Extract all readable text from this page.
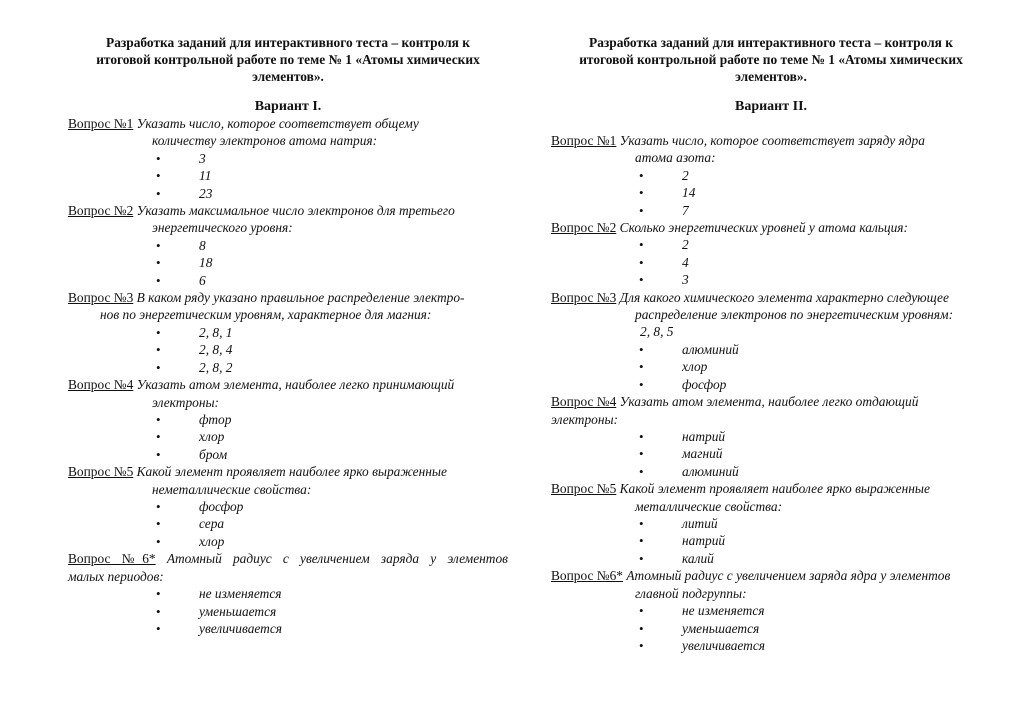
Разработка заданий для интерактивного теста – контроля к итоговой контрольной работе по теме № 1 «Атомы химических элементов».

Вариант I.
Вопрос №1 Указать число, которое соответствует общему
количеству электронов атома натрия:
•	3
•	11
•	23
Вопрос №2 Указать максимальное число электронов для третьего
энергетического уровня:
•	8
•	18
•	6
Вопрос №3 В каком ряду указано правильное распределение электро-
нов по энергетическим уровням, характерное для магния:
•	2, 8, 1
•	2, 8, 4
•	2, 8, 2
Вопрос №4 Указать атом элемента, наиболее легко принимающий
электроны:
•	фтор
•	хлор
•	бром
Вопрос №5 Какой элемент проявляет наиболее ярко выраженные
неметаллические свойства:
•	фосфор
•	сера
•	хлор
Вопрос №6* Атомный радиус с увеличением заряда у элементов
малых периодов:
•	не изменяется
•	уменьшается
•	увеличивается

Разработка заданий для интерактивного теста – контроля к итоговой контрольной работе по теме № 1 «Атомы химических элементов».

Вариант II.
Вопрос №1 Указать число, которое соответствует заряду ядра
атома азота:
•	2
•	14
•	7
Вопрос №2 Сколько энергетических уровней у атома кальция:
•	2
•	4
•	3
Вопрос №3 Для какого химического элемента характерно следующее
распределение электронов по энергетическим уровням:
2, 8, 5
•	алюминий
•	хлор
•	фосфор
Вопрос №4 Указать атом элемента, наиболее легко отдающий
электроны:
•	натрий
•	магний
•	алюминий
Вопрос №5 Какой элемент проявляет наиболее ярко выраженные
металлические свойства:
•	литий
•	натрий
•	калий
Вопрос №6* Атомный радиус с увеличением заряда ядра у элементов
главной подгруппы:
•	не изменяется
•	уменьшается
•	увеличивается
